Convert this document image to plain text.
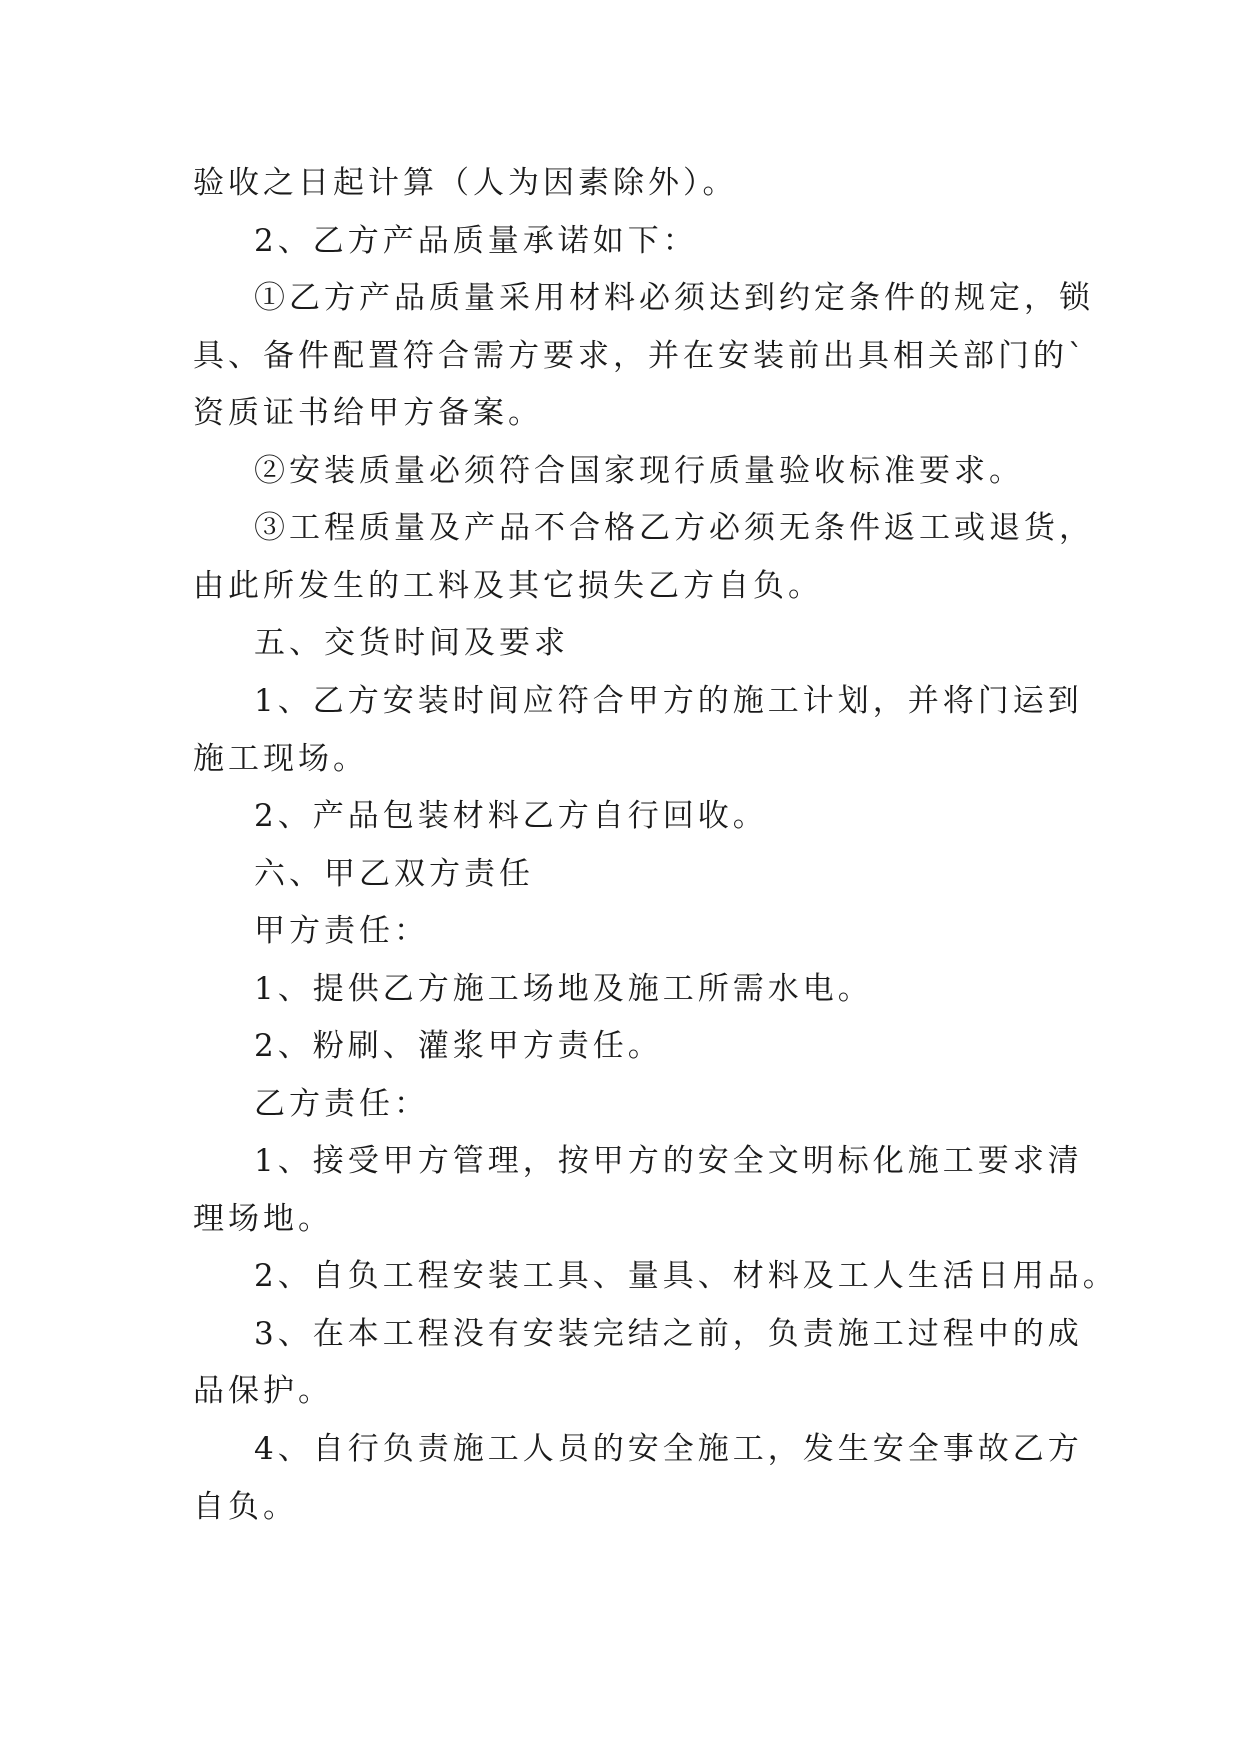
验收之日起计算（人为因素除外）。
2、乙方产品质量承诺如下：
①乙方产品质量采用材料必须达到约定条件的规定，锁
具、备件配置符合需方要求，并在安装前出具相关部门的`
资质证书给甲方备案。
②安装质量必须符合国家现行质量验收标准要求。
③工程质量及产品不合格乙方必须无条件返工或退货，
由此所发生的工料及其它损失乙方自负。
五、交货时间及要求
1、乙方安装时间应符合甲方的施工计划，并将门运到
施工现场。
2、产品包装材料乙方自行回收。
六、甲乙双方责任
甲方责任：
1、提供乙方施工场地及施工所需水电。
2、粉刷、灌浆甲方责任。
乙方责任：
1、接受甲方管理，按甲方的安全文明标化施工要求清
理场地。
2、自负工程安装工具、量具、材料及工人生活日用品。
3、在本工程没有安装完结之前，负责施工过程中的成
品保护。
4、自行负责施工人员的安全施工，发生安全事故乙方
自负。
